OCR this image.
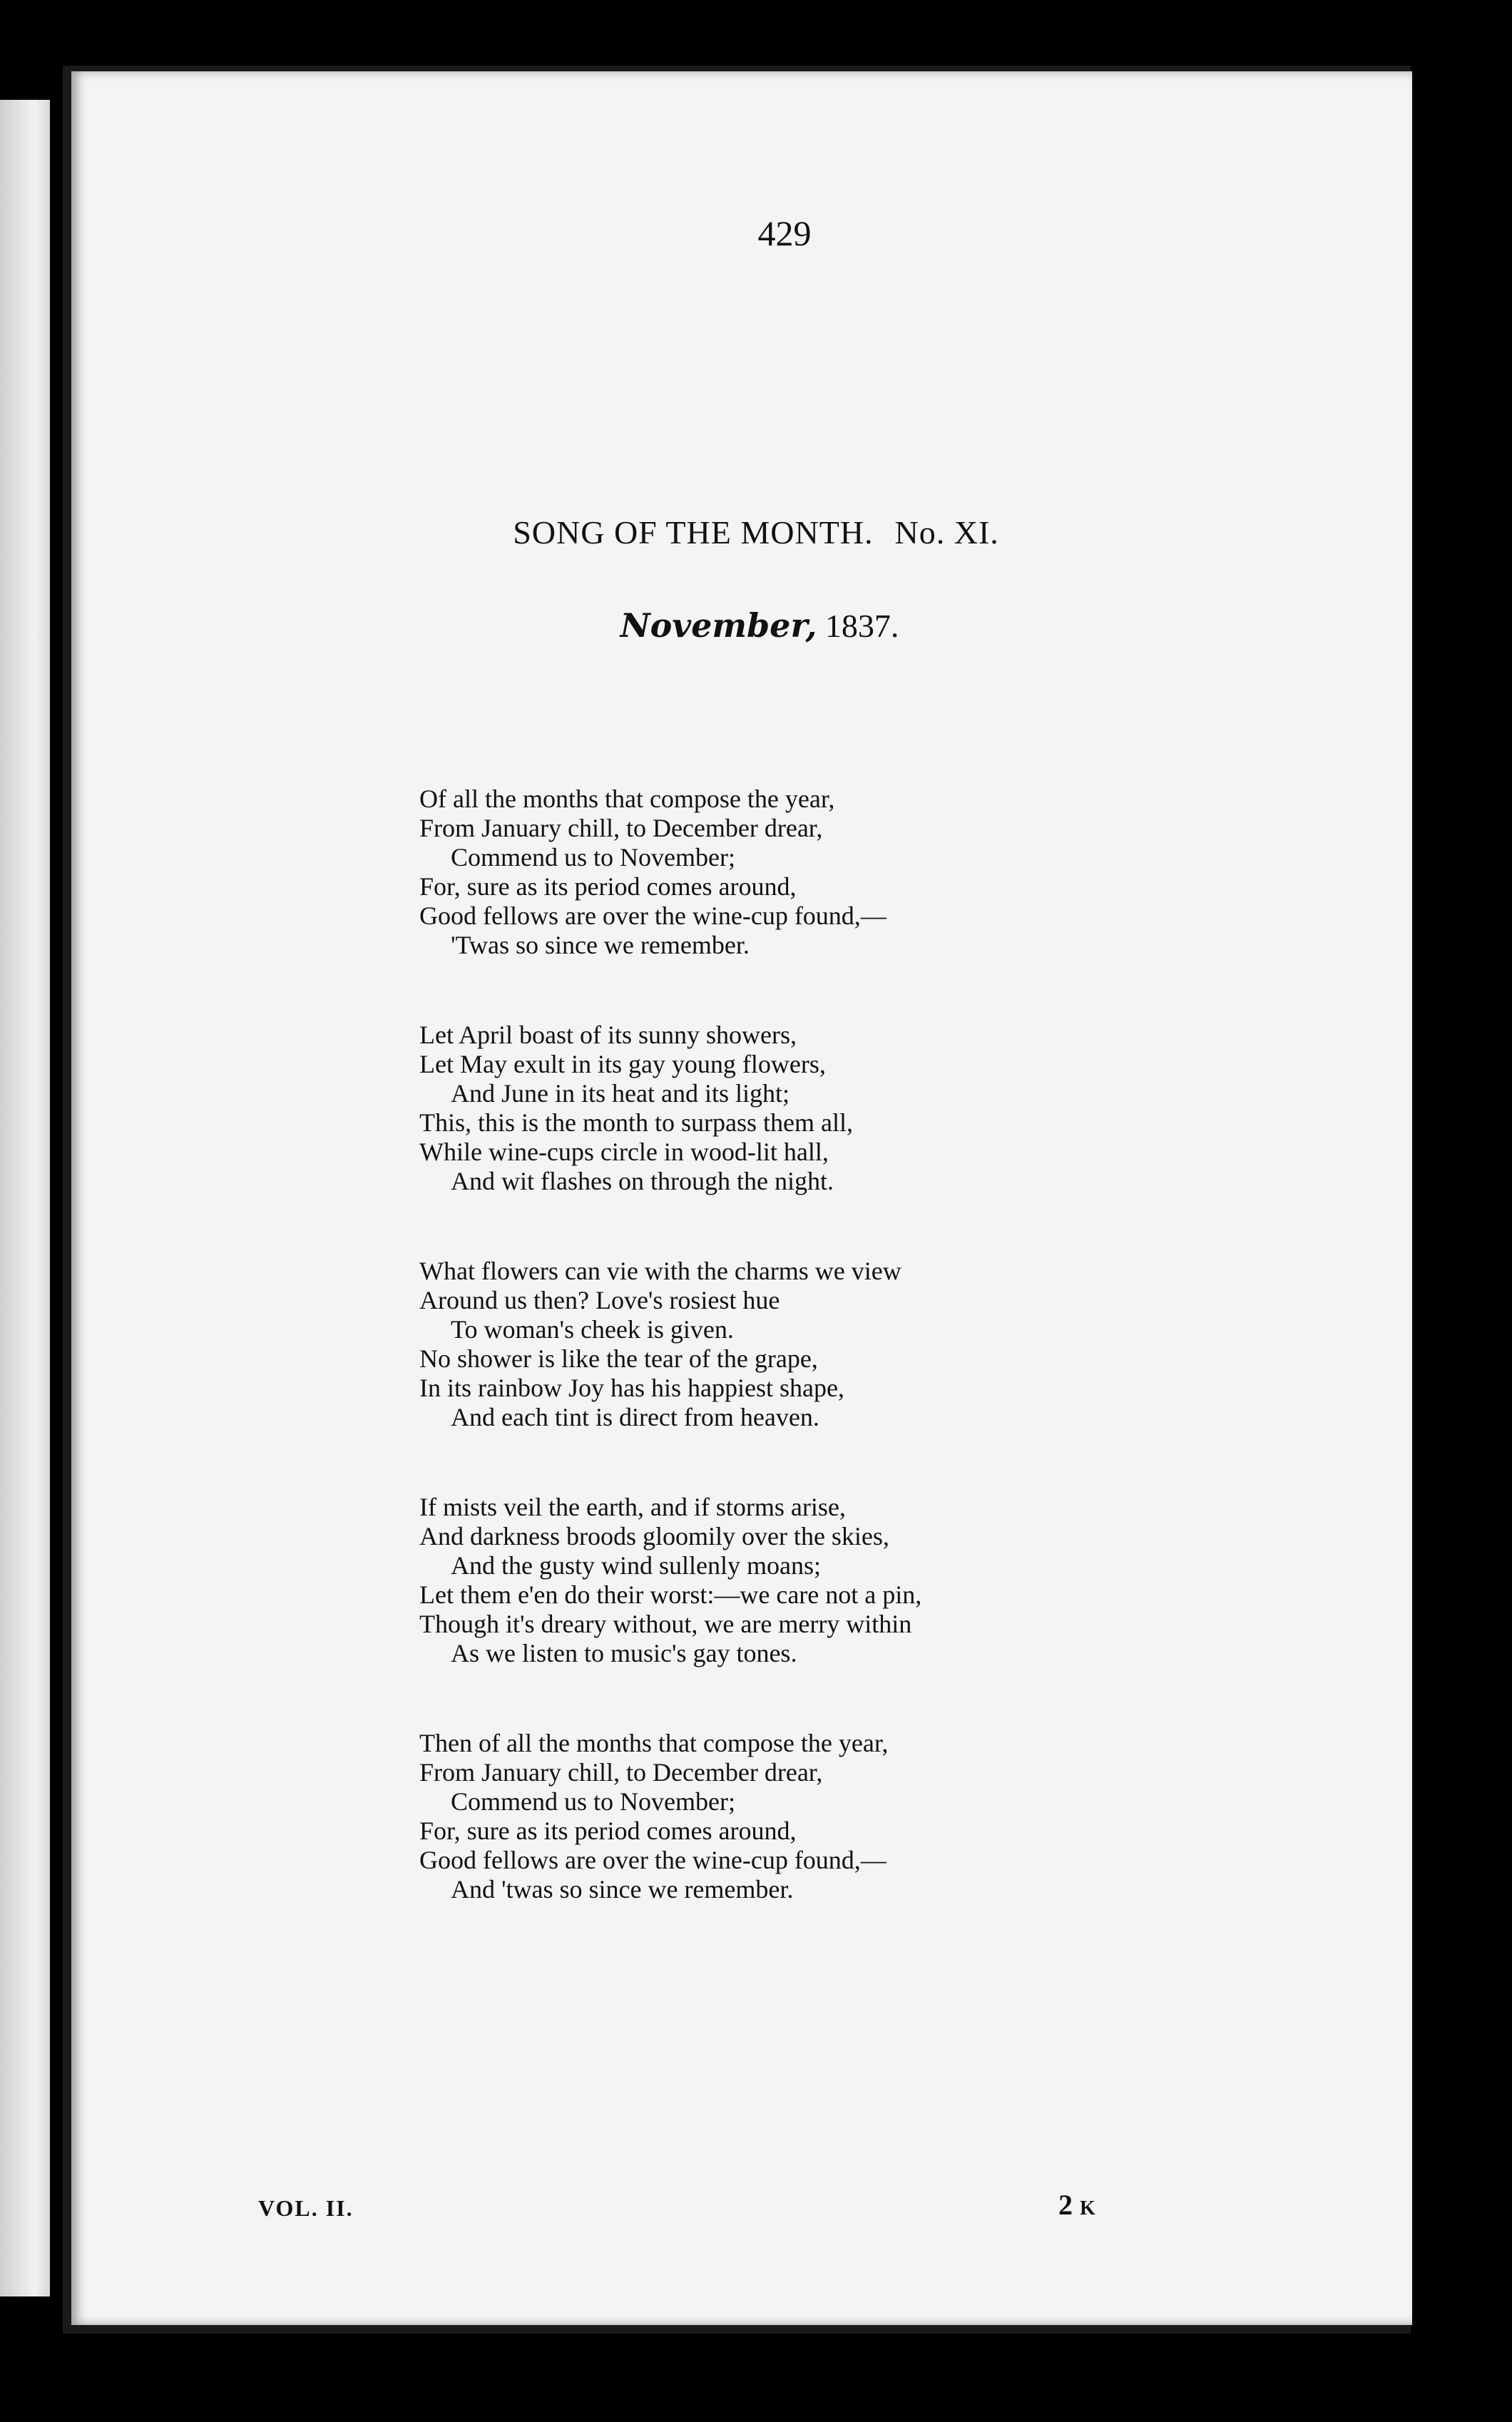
429
SONG OF THE MONTH. No. XI.
November, 1837.
Of all the months that compose the year,
From January chill, to December drear,
Commend us to November;
For, sure as its period comes around,
Good fellows are over the wine-cup found,—
'Twas so since we remember.
Let April boast of its sunny showers,
Let May exult in its gay young flowers,
And June in its heat and its light;
This, this is the month to surpass them all,
While wine-cups circle in wood-lit hall,
And wit flashes on through the night.
What flowers can vie with the charms we view
Around us then? Love's rosiest hue
To woman's cheek is given.
No shower is like the tear of the grape,
In its rainbow Joy has his happiest shape,
And each tint is direct from heaven.
If mists veil the earth, and if storms arise,
And darkness broods gloomily over the skies,
And the gusty wind sullenly moans;
Let them e'en do their worst:—we care not a pin,
Though it's dreary without, we are merry within
As we listen to music's gay tones.
Then of all the months that compose the year,
From January chill, to December drear,
Commend us to November;
For, sure as its period comes around,
Good fellows are over the wine-cup found,—
And 'twas so since we remember.
VOL. II.	2 K
